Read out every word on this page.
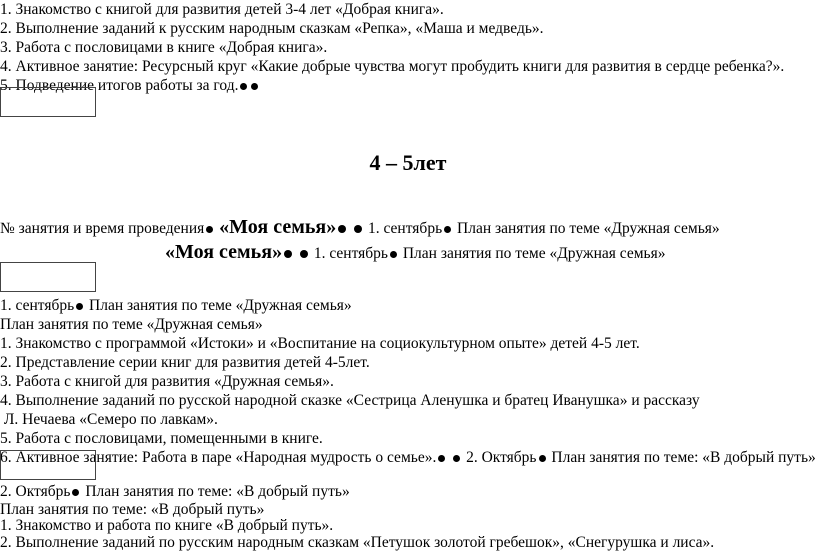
1. Знакомство с книгой для развития детей 3-4 лет «Добрая книга».
2. Выполнение заданий к русским народным сказкам «Репка», «Маша и медведь».
3. Работа с пословицами в книге «Добрая книга».
4. Активное занятие: Ресурсный круг «Какие добрые чувства могут пробудить книги для развития в сердце ребенка?».
5. Подведение итогов работы за год.
4 – 5лет
№ занятия и время проведения «Моя семья» 1. сентябрь План занятия по теме «Дружная семья»
«Моя семья» 1. сентябрь План занятия по теме «Дружная семья»
1. сентябрь План занятия по теме «Дружная семья»
План занятия по теме «Дружная семья»
1. Знакомство с программой «Истоки» и «Воспитание на социокультурном опыте» детей 4-5 лет.
2. Представление серии книг для развития детей 4-5лет.
3. Работа с книгой для развития «Дружная семья».
4. Выполнение заданий по русской народной сказке «Сестрица Аленушка и братец Иванушка» и рассказу
Л. Нечаева «Семеро по лавкам».
5. Работа с пословицами, помещенными в книге.
6. Активное занятие: Работа в паре «Народная мудрость о семье». 2. Октябрь План занятия по теме: «В добрый путь»
2. Октябрь План занятия по теме: «В добрый путь»
План занятия по теме: «В добрый путь»
1. Знакомство и работа по книге «В добрый путь».
2. Выполнение заданий по русским народным сказкам «Петушок золотой гребешок», «Снегурушка и лиса».
